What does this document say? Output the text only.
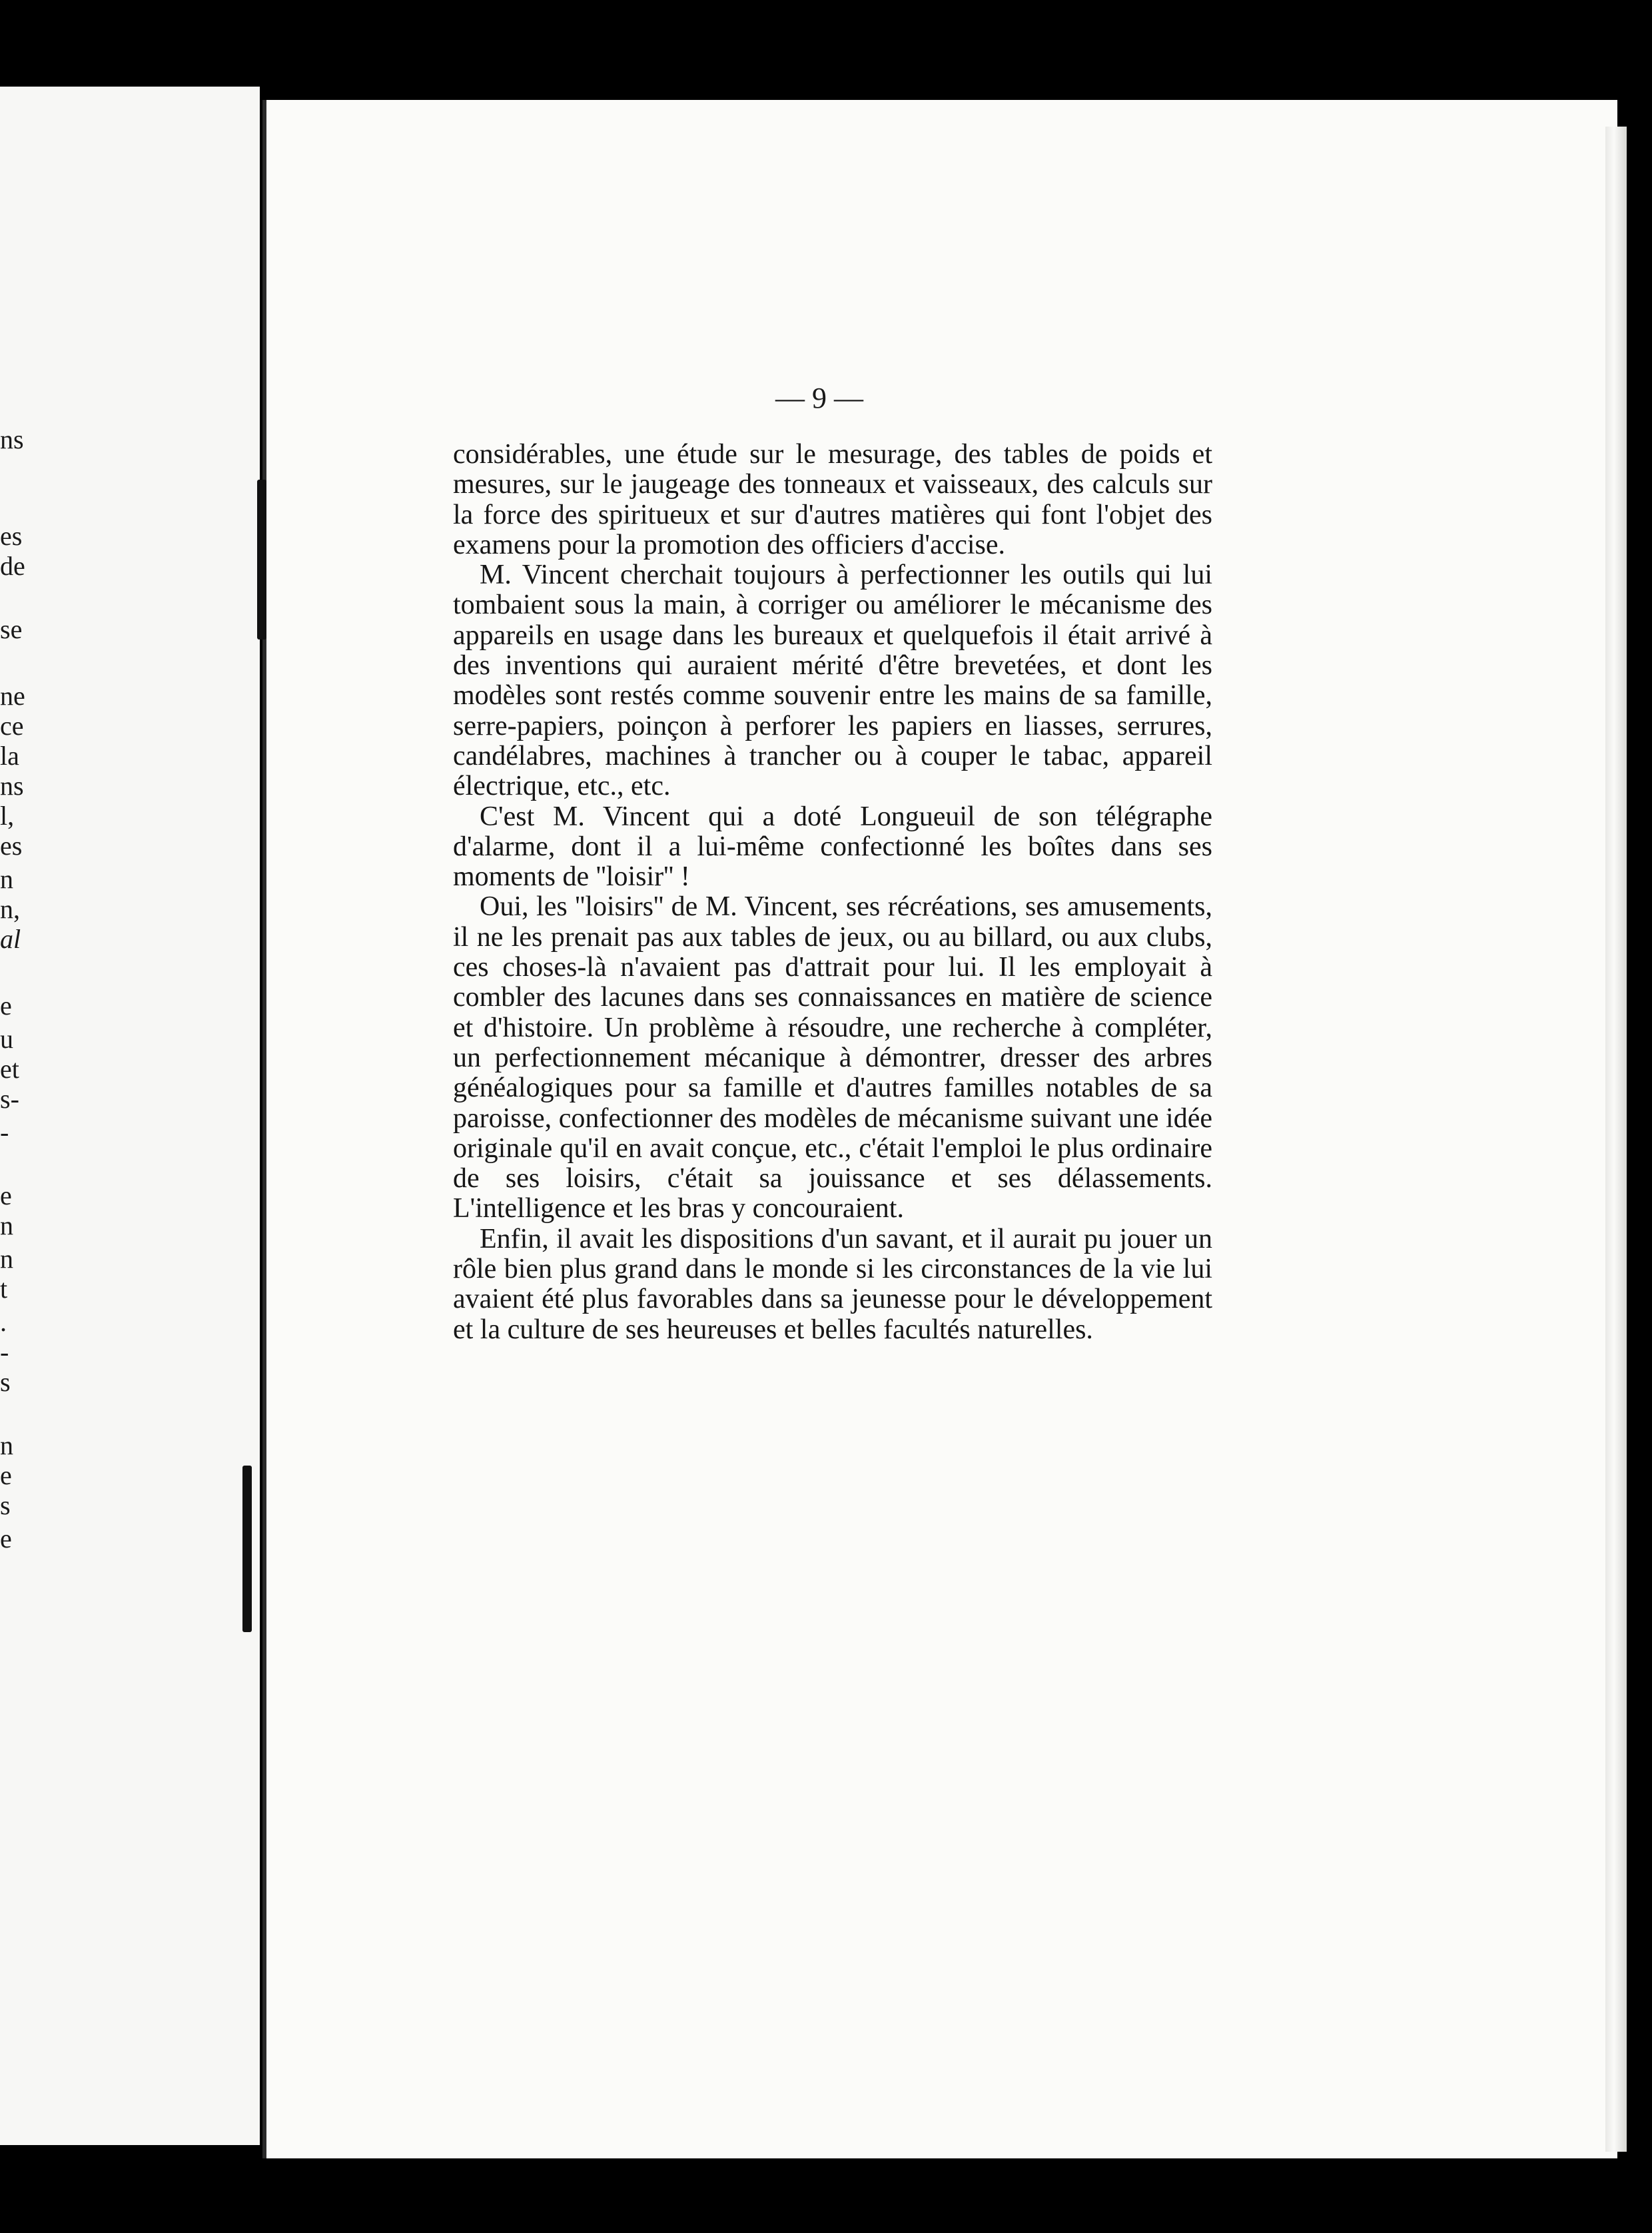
— 9 —

considérables, une étude sur le mesurage, des tables de poids et mesures, sur le jaugeage des tonneaux et vaisseaux, des calculs sur la force des spiritueux et sur d'autres matières qui font l'objet des examens pour la promotion des officiers d'accise.

M. Vincent cherchait toujours à perfectionner les outils qui lui tombaient sous la main, à corriger ou améliorer le mécanisme des appareils en usage dans les bureaux et quelquefois il était arrivé à des inventions qui auraient mérité d'être brevetées, et dont les modèles sont restés comme souvenir entre les mains de sa famille, serre-papiers, poinçon à perforer les papiers en liasses, serrures, candélabres, machines à trancher ou à couper le tabac, appareil électrique, etc., etc.

C'est M. Vincent qui a doté Longueuil de son télégraphe d'alarme, dont il a lui-même confectionné les boîtes dans ses moments de ''loisir'' !

Oui, les ''loisirs'' de M. Vincent, ses récréations, ses amusements, il ne les prenait pas aux tables de jeux, ou au billard, ou aux clubs, ces choses-là n'avaient pas d'attrait pour lui. Il les employait à combler des lacunes dans ses connaissances en matière de science et d'histoire. Un problème à résoudre, une recherche à compléter, un perfectionnement mécanique à démontrer, dresser des arbres généalogiques pour sa famille et d'autres familles notables de sa paroisse, confectionner des modèles de mécanisme suivant une idée originale qu'il en avait conçue, etc., c'était l'emploi le plus ordinaire de ses loisirs, c'était sa jouissance et ses délassements. L'intelligence et les bras y concouraient.

Enfin, il avait les dispositions d'un savant, et il aurait pu jouer un rôle bien plus grand dans le monde si les circonstances de la vie lui avaient été plus favorables dans sa jeunesse pour le développement et la culture de ses heureuses et belles facultés naturelles.

ns
es
de
se
ne
ce
la
ns
l,
es
n
n,
al
e
u
et
s-
-
e
n
n
t
.
-
s
n
e
s
e
